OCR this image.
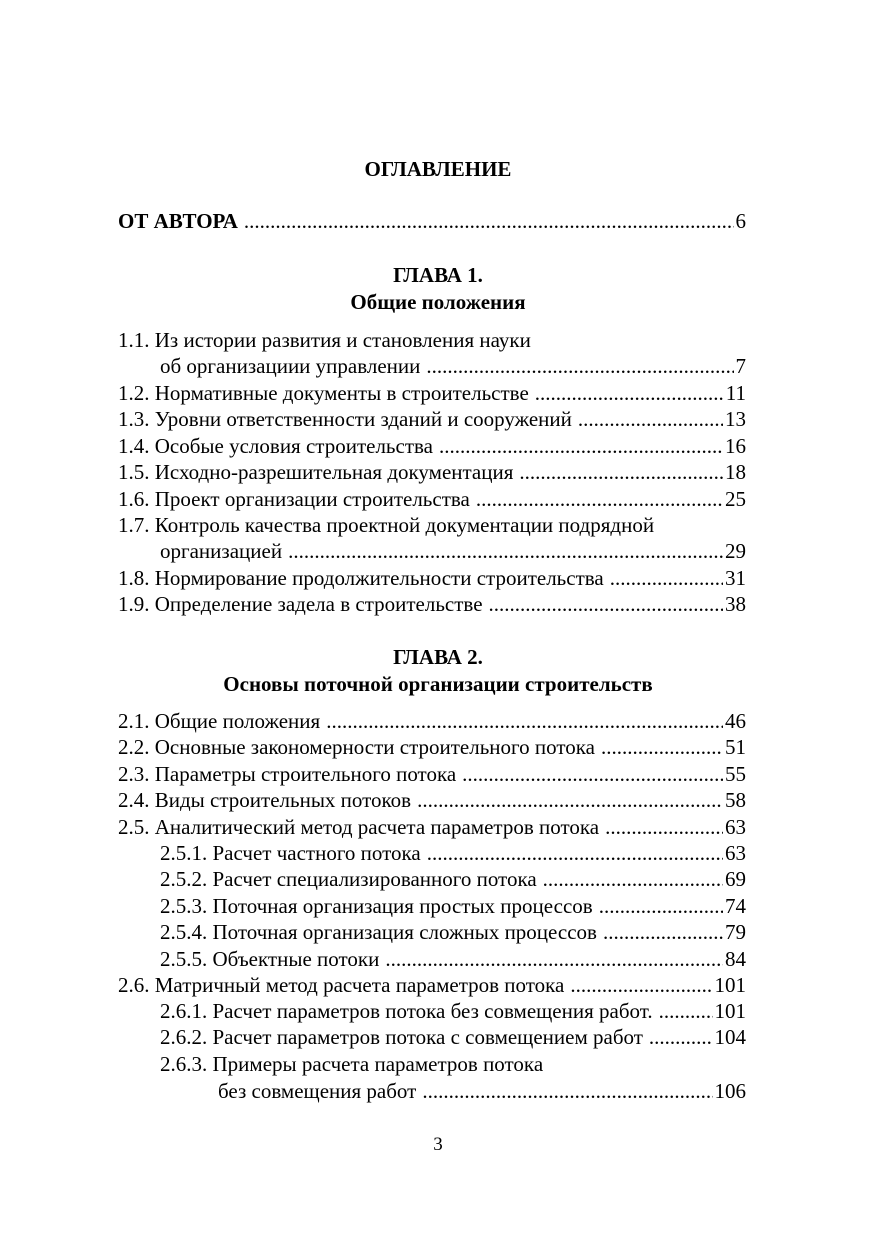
ОГЛАВЛЕНИЕ
ОТ АВТОРА .....	6
ГЛАВА 1.
Общие положения
1.1. Из истории развития и становления науки
об организациии управлении .....	7
1.2. Нормативные документы в строительстве .....	11
1.3. Уровни ответственности зданий и сооружений .....	13
1.4. Особые условия строительства .....	16
1.5. Исходно-разрешительная документация .....	18
1.6. Проект организации строительства .....	25
1.7. Контроль качества проектной документации подрядной
организацией .....	29
1.8. Нормирование продолжительности строительства .....	31
1.9. Определение задела в строительстве .....	38
ГЛАВА 2.
Основы поточной организации строительств
2.1. Общие положения .....	46
2.2. Основные закономерности строительного потока .....	51
2.3. Параметры строительного потока .....	55
2.4. Виды строительных потоков .....	58
2.5. Аналитический метод расчета параметров потока .....	63
2.5.1. Расчет частного потока .....	63
2.5.2. Расчет специализированного потока .....	69
2.5.3. Поточная организация простых процессов .....	74
2.5.4. Поточная организация сложных процессов .....	79
2.5.5. Объектные потоки .....	84
2.6. Матричный метод расчета параметров потока .....	101
2.6.1. Расчет параметров потока без совмещения работ. .....	101
2.6.2. Расчет параметров потока с совмещением работ .....	104
2.6.3. Примеры расчета параметров потока
без совмещения работ .....	106
3
